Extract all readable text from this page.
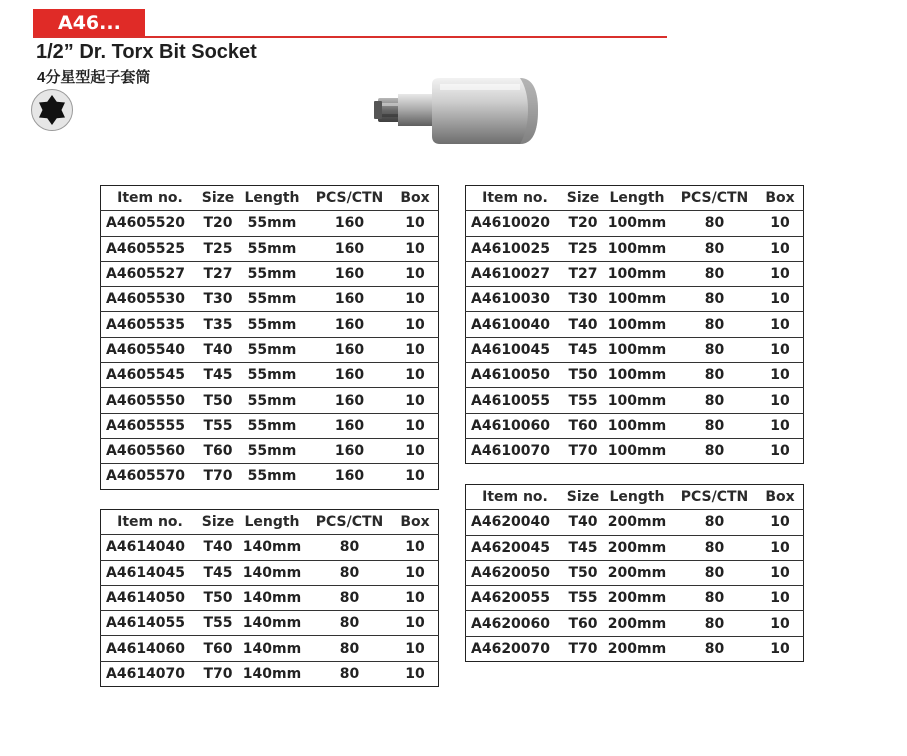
A46...
1/2” Dr. Torx Bit Socket
4分星型起子套筒
Item no.	Size	Length	PCS/CTN	Box
A4605520	T20	55mm	160	10
A4605525	T25	55mm	160	10
A4605527	T27	55mm	160	10
A4605530	T30	55mm	160	10
A4605535	T35	55mm	160	10
A4605540	T40	55mm	160	10
A4605545	T45	55mm	160	10
A4605550	T50	55mm	160	10
A4605555	T55	55mm	160	10
A4605560	T60	55mm	160	10
A4605570	T70	55mm	160	10
Item no.	Size	Length	PCS/CTN	Box
A4610020	T20	100mm	80	10
A4610025	T25	100mm	80	10
A4610027	T27	100mm	80	10
A4610030	T30	100mm	80	10
A4610040	T40	100mm	80	10
A4610045	T45	100mm	80	10
A4610050	T50	100mm	80	10
A4610055	T55	100mm	80	10
A4610060	T60	100mm	80	10
A4610070	T70	100mm	80	10
Item no.	Size	Length	PCS/CTN	Box
A4614040	T40	140mm	80	10
A4614045	T45	140mm	80	10
A4614050	T50	140mm	80	10
A4614055	T55	140mm	80	10
A4614060	T60	140mm	80	10
A4614070	T70	140mm	80	10
Item no.	Size	Length	PCS/CTN	Box
A4620040	T40	200mm	80	10
A4620045	T45	200mm	80	10
A4620050	T50	200mm	80	10
A4620055	T55	200mm	80	10
A4620060	T60	200mm	80	10
A4620070	T70	200mm	80	10
